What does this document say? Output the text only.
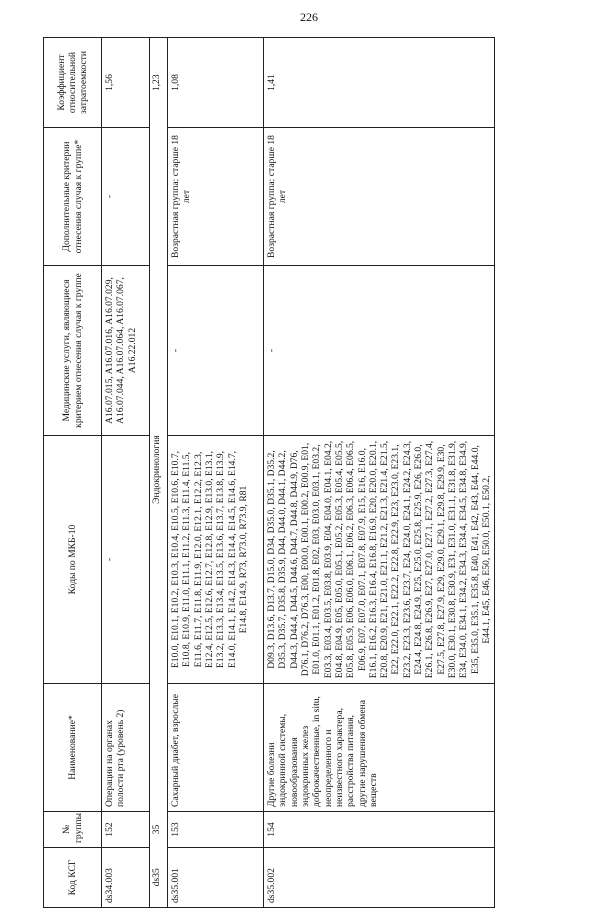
226
Код КСГ	№ группы	Наименование*	Коды по МКБ-10	Медицинские услуги, являющиеся критерием отнесения случая к группе	Дополнительные критерии отнесения случая к группе*	Коэффициент относительной затратоемкости
ds34.003	152	Операции на органах полости рта (уровень 2)	-	A16.07.015, A16.07.016, A16.07.029, A16.07.044, A16.07.064, A16.07.067, A16.22.012	-	1,56
ds35	35	Эндокринология				1,23
ds35.001	153	Сахарный диабет, взрослые	E10.0, E10.1, E10.2, E10.3, E10.4, E10.5, E10.6, E10.7, E10.8, E10.9, E11.0, E11.1, E11.2, E11.3, E11.4, E11.5, E11.6, E11.7, E11.8, E11.9, E12.0, E12.1, E12.2, E12.3, E12.4, E12.5, E12.6, E12.7, E12.8, E12.9, E13.0, E13.1, E13.2, E13.3, E13.4, E13.5, E13.6, E13.7, E13.8, E13.9, E14.0, E14.1, E14.2, E14.3, E14.4, E14.5, E14.6, E14.7, E14.8, E14.9, R73, R73.0, R73.9, R81	-	Возрастная группа: старше 18 лет	1,08
ds35.002	154	Другие болезни эндокринной системы, новообразования эндокринных желез доброкачественные, in situ, неопределенного и неизвестного характера, расстройства питания, другие нарушения обмена веществ	D09.3, D13.6, D13.7, D15.0, D34, D35.0, D35.1, D35.2, D35.3, D35.7, D35.8, D35.9, D44, D44.0, D44.1, D44.2, D44.3, D44.4, D44.5, D44.6, D44.7, D44.8, D44.9, D76, D76.1, D76.2, D76.3, E00, E00.0, E00.1, E00.2, E00.9, E01, E01.0, E01.1, E01.2, E01.8, E02, E03, E03.0, E03.1, E03.2, E03.3, E03.4, E03.5, E03.8, E03.9, E04, E04.0, E04.1, E04.2, E04.8, E04.9, E05, E05.0, E05.1, E05.2, E05.3, E05.4, E05.5, E05.8, E05.9, E06, E06.0, E06.1, E06.2, E06.3, E06.4, E06.5, E06.9, E07, E07.0, E07.1, E07.8, E07.9, E15, E16, E16.0, E16.1, E16.2, E16.3, E16.4, E16.8, E16.9, E20, E20.0, E20.1, E20.8, E20.9, E21, E21.0, E21.1, E21.2, E21.3, E21.4, E21.5, E22, E22.0, E22.1, E22.2, E22.8, E22.9, E23, E23.0, E23.1, E23.2, E23.3, E23.6, E23.7, E24, E24.0, E24.1, E24.2, E24.3, E24.4, E24.8, E24.9, E25, E25.0, E25.8, E25.9, E26, E26.0, E26.1, E26.8, E26.9, E27, E27.0, E27.1, E27.2, E27.3, E27.4, E27.5, E27.8, E27.9, E29, E29.0, E29.1, E29.8, E29.9, E30, E30.0, E30.1, E30.8, E30.9, E31, E31.0, E31.1, E31.8, E31.9, E34, E34.0, E34.1, E34.2, E34.3, E34.4, E34.5, E34.8, E34.9, E35, E35.0, E35.1, E35.8, E40, E41, E42, E43, E44, E44.0, E44.1, E45, E46, E50, E50.0, E50.1, E50.2,	-	Возрастная группа: старше 18 лет	1,41
